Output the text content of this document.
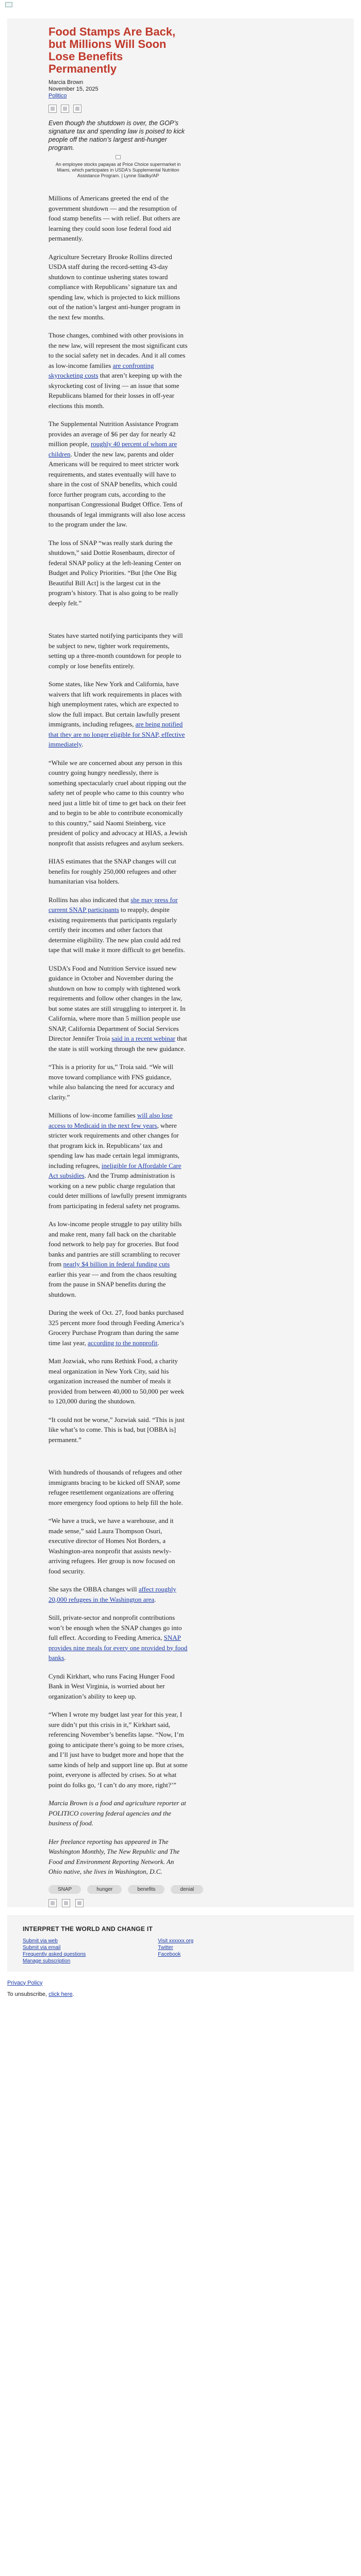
Food Stamps Are Back, but Millions Will Soon Lose Benefits Permanently
Marcia Brown
November 15, 2025
Politico

Even though the shutdown is over, the GOP’s signature tax and spending law is poised to kick people off the nation’s largest anti-hunger program.

An employee stocks papayas at Price Choice supermarket in Miami, which participates in USDA's Supplemental Nutrition Assistance Program. | Lynne Sladky/AP

Millions of Americans greeted the end of the government shutdown — and the resumption of food stamp benefits — with relief. But others are learning they could soon lose federal food aid permanently.

Agriculture Secretary Brooke Rollins directed USDA staff during the record-setting 43-day shutdown to continue ushering states toward compliance with Republicans’ signature tax and spending law, which is projected to kick millions out of the nation’s largest anti-hunger program in the next few months.

Those changes, combined with other provisions in the new law, will represent the most significant cuts to the social safety net in decades. And it all comes as low-income families are confronting skyrocketing costs that aren’t keeping up with the skyrocketing cost of living — an issue that some Republicans blamed for their losses in off-year elections this month.

The Supplemental Nutrition Assistance Program provides an average of $6 per day for nearly 42 million people, roughly 40 percent of whom are children. Under the new law, parents and older Americans will be required to meet stricter work requirements, and states eventually will have to share in the cost of SNAP benefits, which could force further program cuts, according to the nonpartisan Congressional Budget Office. Tens of thousands of legal immigrants will also lose access to the program under the law.

The loss of SNAP “was really stark during the shutdown,” said Dottie Rosenbaum, director of federal SNAP policy at the left-leaning Center on Budget and Policy Priorities. “But [the One Big Beautiful Bill Act] is the largest cut in the program’s history. That is also going to be really deeply felt.”

States have started notifying participants they will be subject to new, tighter work requirements, setting up a three-month countdown for people to comply or lose benefits entirely.

Some states, like New York and California, have waivers that lift work requirements in places with high unemployment rates, which are expected to slow the full impact. But certain lawfully present immigrants, including refugees, are being notified that they are no longer eligible for SNAP, effective immediately.

“While we are concerned about any person in this country going hungry needlessly, there is something spectacularly cruel about ripping out the safety net of people who came to this country who need just a little bit of time to get back on their feet and to begin to be able to contribute economically to this country,” said Naomi Steinberg, vice president of policy and advocacy at HIAS, a Jewish nonprofit that assists refugees and asylum seekers.

HIAS estimates that the SNAP changes will cut benefits for roughly 250,000 refugees and other humanitarian visa holders.

Rollins has also indicated that she may press for current SNAP participants to reapply, despite existing requirements that participants regularly certify their incomes and other factors that determine eligibility. The new plan could add red tape that will make it more difficult to get benefits.

USDA’s Food and Nutrition Service issued new guidance in October and November during the shutdown on how to comply with tightened work requirements and follow other changes in the law, but some states are still struggling to interpret it. In California, where more than 5 million people use SNAP, California Department of Social Services Director Jennifer Troia said in a recent webinar that the state is still working through the new guidance.

“This is a priority for us,” Troia said. “We will move toward compliance with FNS guidance, while also balancing the need for accuracy and clarity.”

Millions of low-income families will also lose access to Medicaid in the next few years, where stricter work requirements and other changes for that program kick in. Republicans’ tax and spending law has made certain legal immigrants, including refugees, ineligible for Affordable Care Act subsidies. And the Trump administration is working on a new public charge regulation that could deter millions of lawfully present immigrants from participating in federal safety net programs.

As low-income people struggle to pay utility bills and make rent, many fall back on the charitable food network to help pay for groceries. But food banks and pantries are still scrambling to recover from nearly $4 billion in federal funding cuts earlier this year — and from the chaos resulting from the pause in SNAP benefits during the shutdown.

During the week of Oct. 27, food banks purchased 325 percent more food through Feeding America’s Grocery Purchase Program than during the same time last year, according to the nonprofit.

Matt Jozwiak, who runs Rethink Food, a charity meal organization in New York City, said his organization increased the number of meals it provided from between 40,000 to 50,000 per week to 120,000 during the shutdown.

“It could not be worse,” Jozwiak said. “This is just like what’s to come. This is bad, but [OBBA is] permanent.”

With hundreds of thousands of refugees and other immigrants bracing to be kicked off SNAP, some refugee resettlement organizations are offering more emergency food options to help fill the hole.

“We have a truck, we have a warehouse, and it made sense,” said Laura Thompson Osuri, executive director of Homes Not Borders, a Washington-area nonprofit that assists newly-arriving refugees. Her group is now focused on food security.

She says the OBBA changes will affect roughly 20,000 refugees in the Washington area.

Still, private-sector and nonprofit contributions won’t be enough when the SNAP changes go into full effect. According to Feeding America, SNAP provides nine meals for every one provided by food banks.

Cyndi Kirkhart, who runs Facing Hunger Food Bank in West Virginia, is worried about her organization’s ability to keep up.

“When I wrote my budget last year for this year, I sure didn’t put this crisis in it,” Kirkhart said, referencing November’s benefits lapse. “Now, I’m going to anticipate there’s going to be more crises, and I’ll just have to budget more and hope that the same kinds of help and support line up. But at some point, everyone is affected by crises. So at what point do folks go, ‘I can’t do any more, right?’”

Marcia Brown is a food and agriculture reporter at POLITICO covering federal agencies and the business of food.

Her freelance reporting has appeared in The Washington Monthly, The New Republic and The Food and Environment Reporting Network. An Ohio native, she lives in Washington, D.C.

SNAP	hunger	benefits	denial
INTERPRET THE WORLD AND CHANGE IT
Submit via web
Submit via email
Frequently asked questions
Manage subscription
Visit xxxxxx.org
Twitter
Facebook
Privacy Policy
To unsubscribe, click here.
